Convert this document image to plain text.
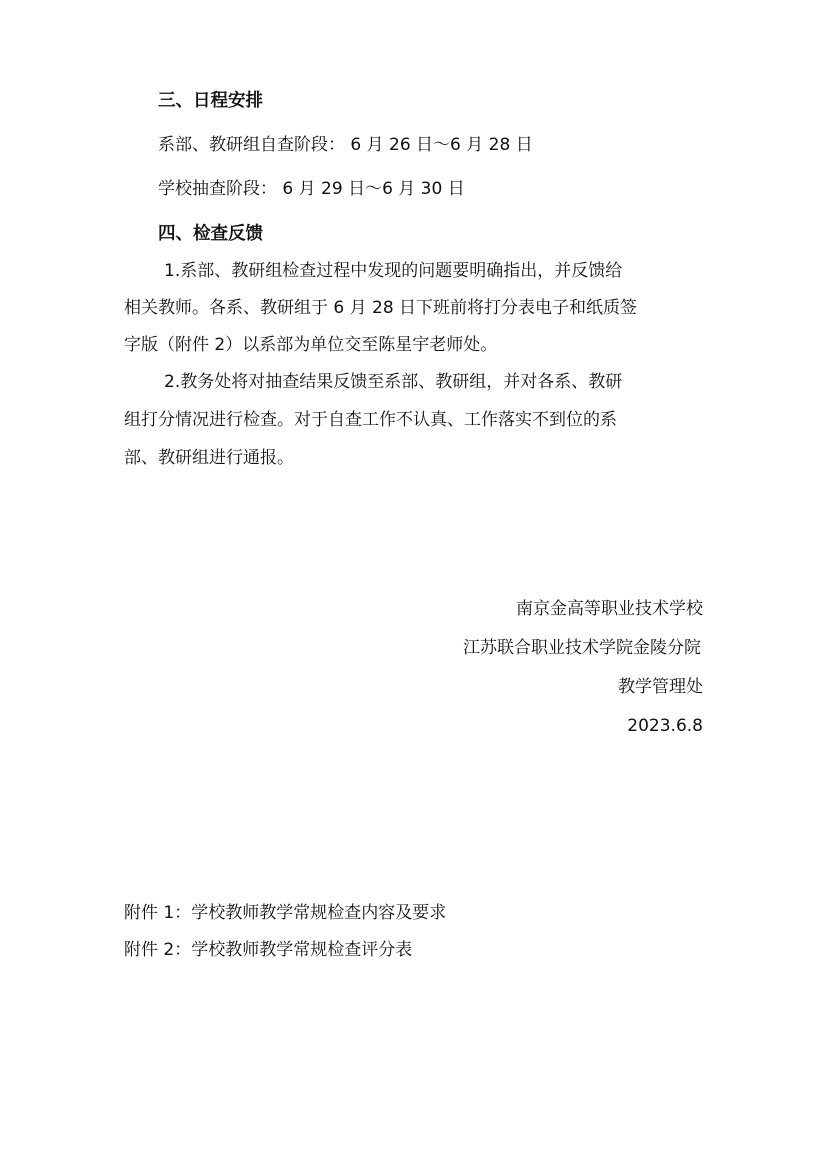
三、日程安排
系部、教研组自查阶段： 6 月 26 日～6 月 28 日
学校抽查阶段： 6 月 29 日～6 月 30 日
四、检查反馈
1.系部、教研组检查过程中发现的问题要明确指出，并反馈给
相关教师。各系、教研组于 6 月 28 日下班前将打分表电子和纸质签
字版（附件 2）以系部为单位交至陈星宇老师处。
2.教务处将对抽查结果反馈至系部、教研组，并对各系、教研
组打分情况进行检查。对于自查工作不认真、工作落实不到位的系
部、教研组进行通报。
南京金高等职业技术学校
江苏联合职业技术学院金陵分院
教学管理处
2023.6.8
附件 1：学校教师教学常规检查内容及要求
附件 2：学校教师教学常规检查评分表
